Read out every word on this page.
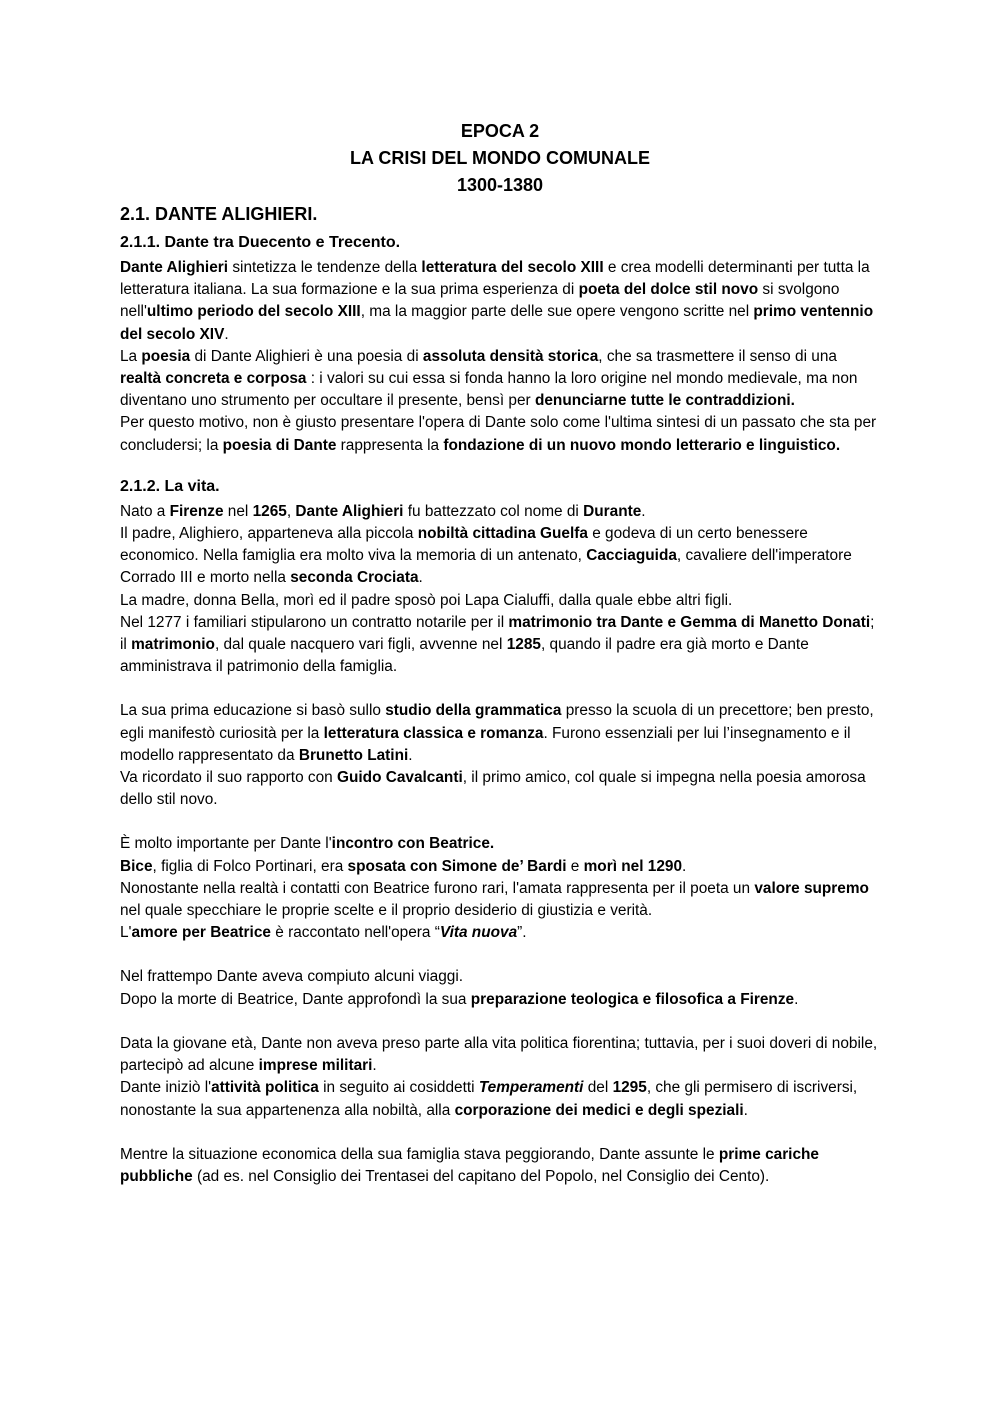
EPOCA 2
LA CRISI DEL MONDO COMUNALE
1300-1380
2.1. DANTE ALIGHIERI.
2.1.1. Dante tra Duecento e Trecento.

Dante Alighieri sintetizza le tendenze della letteratura del secolo XIII e crea modelli determinanti per tutta la letteratura italiana. La sua formazione e la sua prima esperienza di poeta del dolce stil novo si svolgono nell'ultimo periodo del secolo XIII, ma la maggior parte delle sue opere vengono scritte nel primo ventennio del secolo XIV.

La poesia di Dante Alighieri è una poesia di assoluta densità storica, che sa trasmettere il senso di una realtà concreta e corposa : i valori su cui essa si fonda hanno la loro origine nel mondo medievale, ma non diventano uno strumento per occultare il presente, bensì per denunciarne tutte le contraddizioni.

Per questo motivo, non è giusto presentare l'opera di Dante solo come l'ultima sintesi di un passato che sta per concludersi; la poesia di Dante rappresenta la fondazione di un nuovo mondo letterario e linguistico.

2.1.2. La vita.

Nato a Firenze nel 1265, Dante Alighieri fu battezzato col nome di Durante.

Il padre, Alighiero, apparteneva alla piccola nobiltà cittadina Guelfa e godeva di un certo benessere economico. Nella famiglia era molto viva la memoria di un antenato, Cacciaguida, cavaliere dell'imperatore Corrado III e morto nella seconda Crociata.

La madre, donna Bella, morì ed il padre sposò poi Lapa Cialuffi, dalla quale ebbe altri figli.

Nel 1277 i familiari stipularono un contratto notarile per il matrimonio tra Dante e Gemma di Manetto Donati; il matrimonio, dal quale nacquero vari figli, avvenne nel 1285, quando il padre era già morto e Dante amministrava il patrimonio della famiglia.

La sua prima educazione si basò sullo studio della grammatica presso la scuola di un precettore; ben presto, egli manifestò curiosità per la letteratura classica e romanza. Furono essenziali per lui l’insegnamento e il modello rappresentato da Brunetto Latini.

Va ricordato il suo rapporto con Guido Cavalcanti, il primo amico, col quale si impegna nella poesia amorosa dello stil novo.

È molto importante per Dante l'incontro con Beatrice.

Bice, figlia di Folco Portinari, era sposata con Simone de’ Bardi e morì nel 1290.

Nonostante nella realtà i contatti con Beatrice furono rari, l'amata rappresenta per il poeta un valore supremo nel quale specchiare le proprie scelte e il proprio desiderio di giustizia e verità.

L'amore per Beatrice è raccontato nell'opera “Vita nuova”.

Nel frattempo Dante aveva compiuto alcuni viaggi.

Dopo la morte di Beatrice, Dante approfondì la sua preparazione teologica e filosofica a Firenze.

Data la giovane età, Dante non aveva preso parte alla vita politica fiorentina; tuttavia, per i suoi doveri di nobile, partecipò ad alcune imprese militari.

Dante iniziò l'attività politica in seguito ai cosiddetti Temperamenti del 1295, che gli permisero di iscriversi, nonostante la sua appartenenza alla nobiltà, alla corporazione dei medici e degli speziali.

Mentre la situazione economica della sua famiglia stava peggiorando, Dante assunte le prime cariche pubbliche (ad es. nel Consiglio dei Trentasei del capitano del Popolo, nel Consiglio dei Cento).
